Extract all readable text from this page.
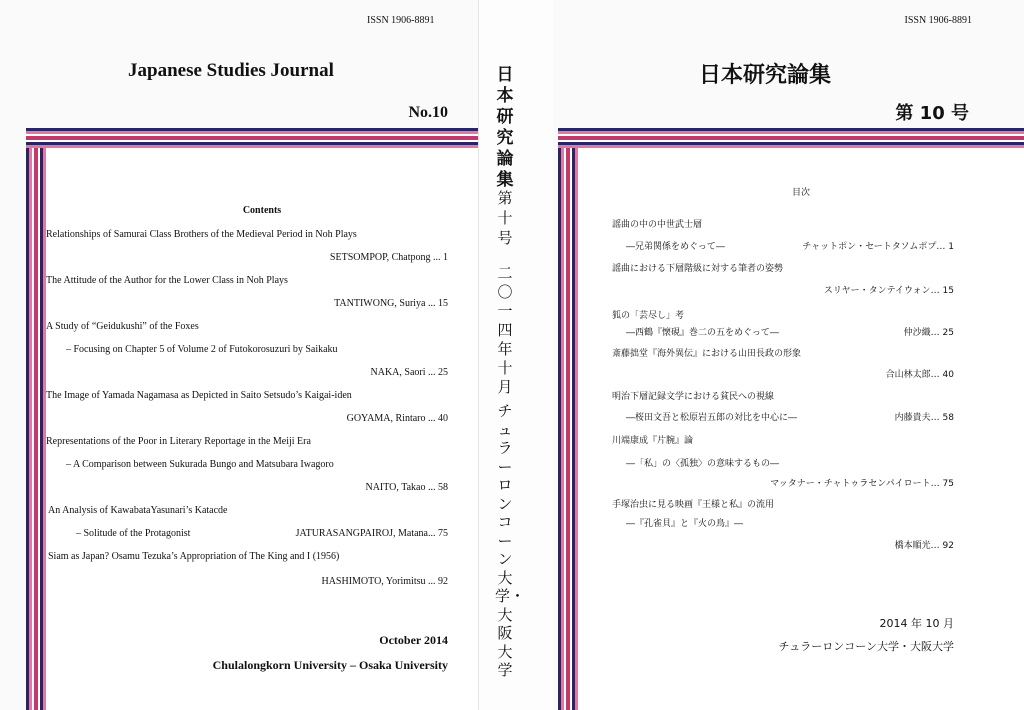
ISSN 1906-8891
Japanese Studies Journal
No.10
Contents
Relationships of Samurai Class Brothers of the Medieval Period in Noh Plays
SETSOMPOP, Chatpong ... 1
The Attitude of the Author for the Lower Class in Noh Plays
TANTIWONG, Suriya ... 15
A Study of “Geidukushi” of the Foxes
– Focusing on Chapter 5 of Volume 2 of Futokorosuzuri by Saikaku
NAKA, Saori ... 25
The Image of Yamada Nagamasa as Depicted in Saito Setsudo’s Kaigai-iden
GOYAMA, Rintaro ... 40
Representations of the Poor in Literary Reportage in the Meiji Era
– A Comparison between Sukurada Bungo and Matsubara Iwagoro
NAITO, Takao ... 58
An Analysis of KawabataYasunari’s Katacde
– Solitude of the Protagonist	JATURASANGPAIROJ, Matana... 75
Siam as Japan? Osamu Tezuka’s Appropriation of The King and I (1956)
HASHIMOTO, Yorimitsu ... 92
October 2014
Chulalongkorn University – Osaka University
日本研究論集
第十号
二〇一四年十月
チュラーロンコーン大学・大阪大学
ISSN 1906-8891
日本研究論集
第 10 号
目次
謡曲の中の中世武士層
―兄弟関係をめぐって―	チャットポン・セートタソムポプ… 1
謡曲における下層階級に対する筆者の姿勢
スリヤー・タンテイウォン… 15
狐の「芸尽し」考
―西鶴『懐硯』巻二の五をめぐって―	仲沙織… 25
斎藤拙堂『海外異伝』における山田長政の形象
合山林太郎… 40
明治下層記録文学における貧民への視線
―桜田文吾と松原岩五郎の対比を中心に―	内藤貴夫… 58
川端康成『片腕』論
―「私」の〈孤独〉の意味するもの―
マッタナー・チャトゥラセンパイロート… 75
手塚治虫に見る映画『王様と私』の流用
―『孔雀貝』と『火の鳥』―
橋本順光… 92
2014 年 10 月
チュラーロンコーン大学・大阪大学
